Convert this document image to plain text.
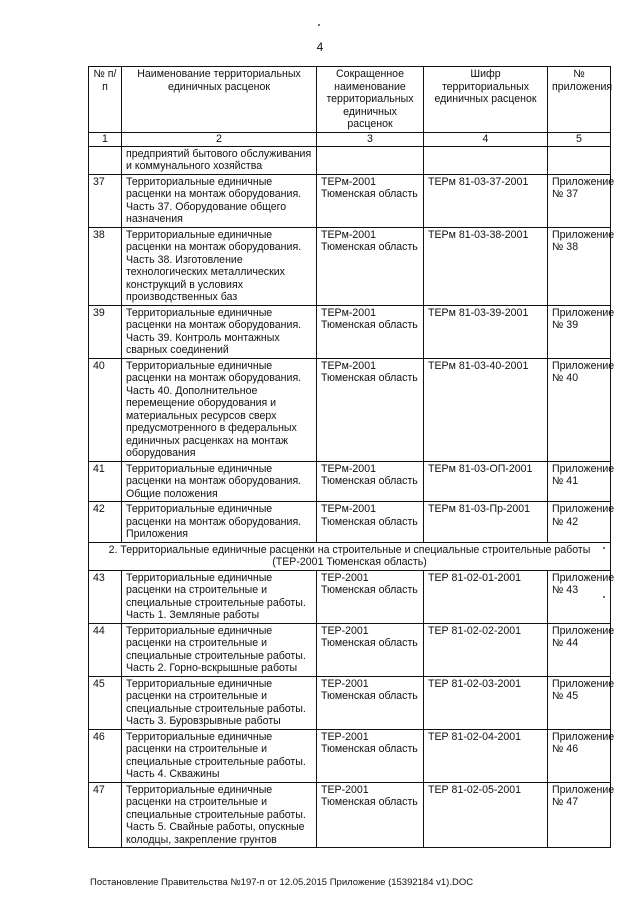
4
№ п/п	Наименование территориальных единичных расценок	Сокращенное наименование территориальных единичных расценок	Шифр территориальных единичных расценок	№ приложения
1	2	3	4	5
	предприятий бытового обслуживания и коммунального хозяйства			
37	Территориальные единичные расценки на монтаж оборудования. Часть 37. Оборудование общего назначения	ТЕРм-2001 Тюменская область	ТЕРм 81-03-37-2001	Приложение № 37
38	Территориальные единичные расценки на монтаж оборудования. Часть 38. Изготовление технологических металлических конструкций в условиях производственных баз	ТЕРм-2001 Тюменская область	ТЕРм 81-03-38-2001	Приложение № 38
39	Территориальные единичные расценки на монтаж оборудования. Часть 39. Контроль монтажных сварных соединений	ТЕРм-2001 Тюменская область	ТЕРм 81-03-39-2001	Приложение № 39
40	Территориальные единичные расценки на монтаж оборудования. Часть 40. Дополнительное перемещение оборудования и материальных ресурсов сверх предусмотренного в федеральных единичных расценках на монтаж оборудования	ТЕРм-2001 Тюменская область	ТЕРм 81-03-40-2001	Приложение № 40
41	Территориальные единичные расценки на монтаж оборудования. Общие положения	ТЕРм-2001 Тюменская область	ТЕРм 81-03-ОП-2001	Приложение № 41
42	Территориальные единичные расценки на монтаж оборудования. Приложения	ТЕРм-2001 Тюменская область	ТЕРм 81-03-Пр-2001	Приложение № 42

2. Территориальные единичные расценки на строительные и специальные строительные работы
(ТЕР-2001 Тюменская область)				

43	Территориальные единичные расценки на строительные и специальные строительные работы. Часть 1. Земляные работы	ТЕР-2001 Тюменская область	ТЕР 81-02-01-2001	Приложение № 43
44	Территориальные единичные расценки на строительные и специальные строительные работы. Часть 2. Горно-вскрышные работы	ТЕР-2001 Тюменская область	ТЕР 81-02-02-2001	Приложение № 44
45	Территориальные единичные расценки на строительные и специальные строительные работы. Часть 3. Буровзрывные работы	ТЕР-2001 Тюменская область	ТЕР 81-02-03-2001	Приложение № 45
46	Территориальные единичные расценки на строительные и специальные строительные работы. Часть 4. Скважины	ТЕР-2001 Тюменская область	ТЕР 81-02-04-2001	Приложение № 46
47	Территориальные единичные расценки на строительные и специальные строительные работы. Часть 5. Свайные работы, опускные колодцы, закрепление грунтов	ТЕР-2001 Тюменская область	ТЕР 81-02-05-2001	Приложение № 47
Постановление Правительства №197-п от 12.05.2015 Приложение (15392184 v1).DOC
